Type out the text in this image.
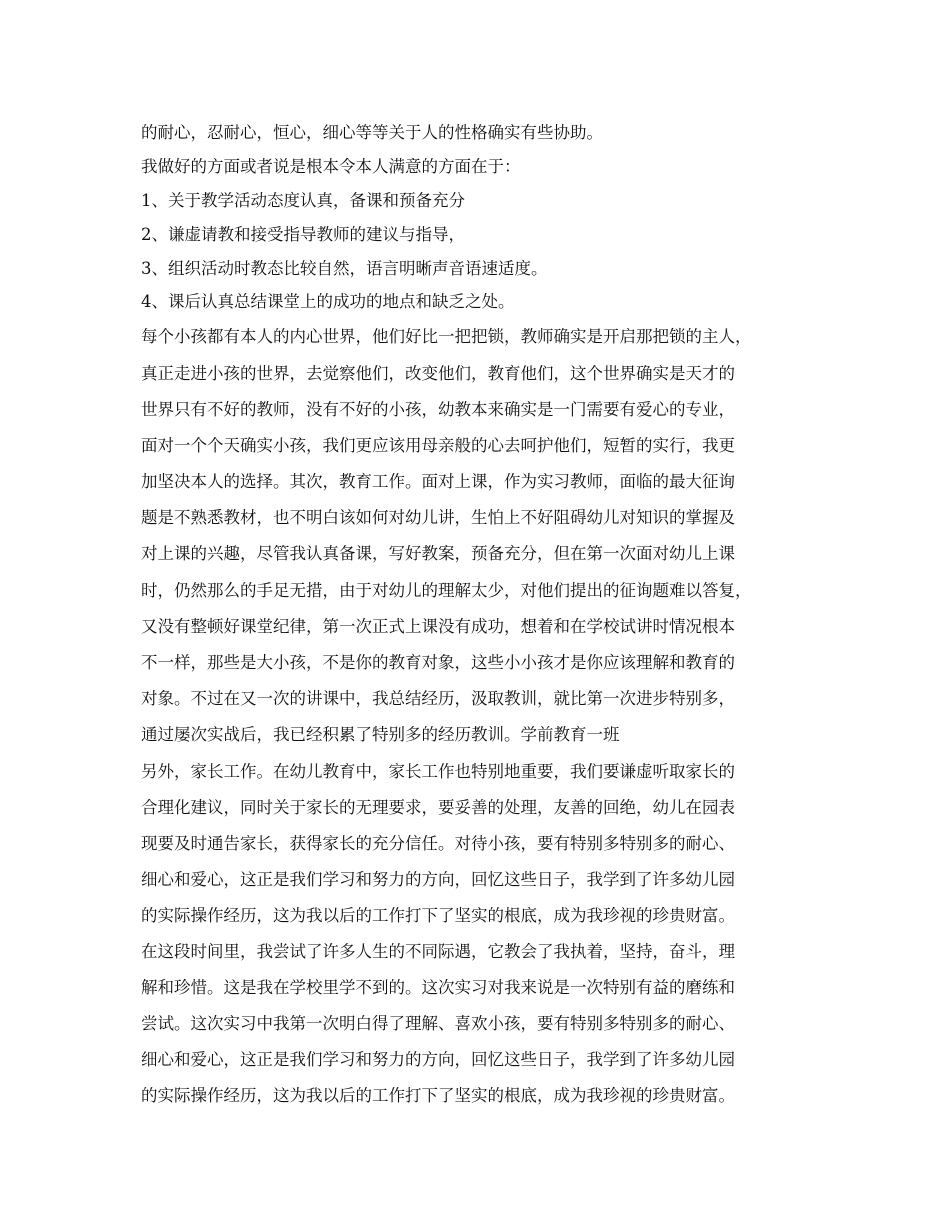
的耐心，忍耐心，恒心，细心等等关于人的性格确实有些协助。

我做好的方面或者说是根本令本人满意的方面在于：

1、关于教学活动态度认真，备课和预备充分

2、谦虚请教和接受指导教师的建议与指导，

3、组织活动时教态比较自然，语言明晰声音语速适度。

4、课后认真总结课堂上的成功的地点和缺乏之处。

每个小孩都有本人的内心世界，他们好比一把把锁，教师确实是开启那把锁的主人，

真正走进小孩的世界，去觉察他们，改变他们，教育他们，这个世界确实是天才的

世界只有不好的教师，没有不好的小孩，幼教本来确实是一门需要有爱心的专业，

面对一个个天确实小孩，我们更应该用母亲般的心去呵护他们，短暂的实行，我更

加坚决本人的选择。其次，教育工作。面对上课，作为实习教师，面临的最大征询

题是不熟悉教材，也不明白该如何对幼儿讲，生怕上不好阻碍幼儿对知识的掌握及

对上课的兴趣，尽管我认真备课，写好教案，预备充分，但在第一次面对幼儿上课

时，仍然那么的手足无措，由于对幼儿的理解太少，对他们提出的征询题难以答复，

又没有整顿好课堂纪律，第一次正式上课没有成功，想着和在学校试讲时情况根本

不一样，那些是大小孩，不是你的教育对象，这些小小孩才是你应该理解和教育的

对象。不过在又一次的讲课中，我总结经历，汲取教训，就比第一次进步特别多，

通过屡次实战后，我已经积累了特别多的经历教训。学前教育一班

另外，家长工作。在幼儿教育中，家长工作也特别地重要，我们要谦虚听取家长的

合理化建议，同时关于家长的无理要求，要妥善的处理，友善的回绝，幼儿在园表

现要及时通告家长，获得家长的充分信任。对待小孩，要有特别多特别多的耐心、

细心和爱心，这正是我们学习和努力的方向，回忆这些日子，我学到了许多幼儿园

的实际操作经历，这为我以后的工作打下了坚实的根底，成为我珍视的珍贵财富。

在这段时间里，我尝试了许多人生的不同际遇，它教会了我执着，坚持，奋斗，理

解和珍惜。这是我在学校里学不到的。这次实习对我来说是一次特别有益的磨练和

尝试。这次实习中我第一次明白得了理解、喜欢小孩，要有特别多特别多的耐心、

细心和爱心，这正是我们学习和努力的方向，回忆这些日子，我学到了许多幼儿园

的实际操作经历，这为我以后的工作打下了坚实的根底，成为我珍视的珍贵财富。
